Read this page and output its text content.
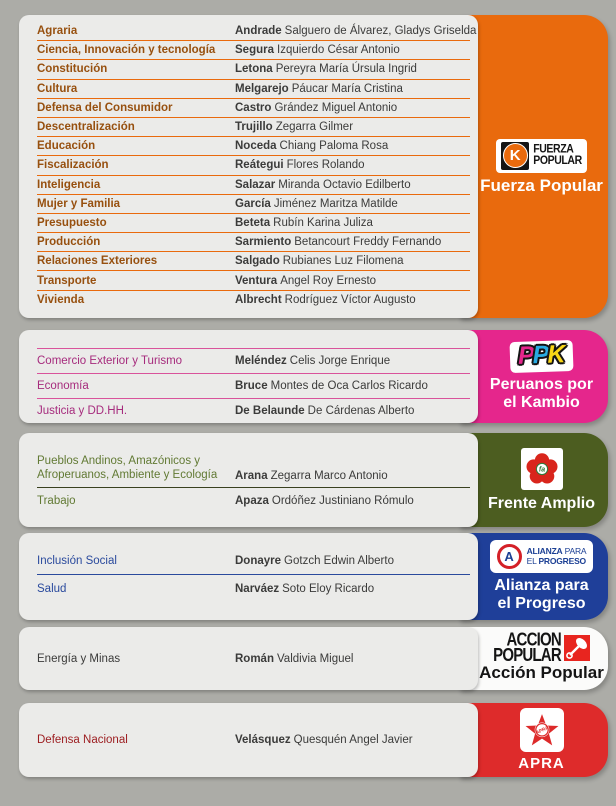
K	FUERZA
POPULAR
Fuerza Popular
Agraria	Andrade Salguero de Álvarez, Gladys Griselda
Ciencia, Innovación y tecnología	Segura Izquierdo César Antonio
Constitución	Letona Pereyra María Úrsula Ingrid
Cultura	Melgarejo Páucar María Cristina
Defensa del Consumidor	Castro Grández Miguel Antonio
Descentralización	Trujillo Zegarra Gilmer
Educación	Noceda Chiang Paloma Rosa
Fiscalización	Reátegui Flores Rolando
Inteligencia	Salazar Miranda Octavio Edilberto
Mujer y Familia	García Jiménez Maritza Matilde
Presupuesto	Beteta Rubín Karina Juliza
Producción	Sarmiento Betancourt Freddy Fernando
Relaciones Exteriores	Salgado Rubianes Luz Filomena
Transporte	Ventura Angel Roy Ernesto
Vivienda	Albrecht Rodríguez Víctor Augusto
P
P
K
Peruanos por
el Kambio
Comercio Exterior y Turismo	Meléndez Celis Jorge Enrique
Economía	Bruce Montes de Oca Carlos Ricardo
Justicia y DD.HH.	De Belaunde De Cárdenas Alberto
fa
Frente Amplio
Pueblos Andinos, Amazónicos y Afroperuanos, Ambiente y Ecología	Arana Zegarra Marco Antonio
Trabajo	Apaza Ordóñez Justiniano Rómulo
A ALIANZA PARA
EL PROGRESO
Alianza para
el Progreso
Inclusión Social	Donayre Gotzch Edwin Alberto
Salud	Narváez Soto Eloy Ricardo
ACCION
POPULAR
Acción Popular
Energía y Minas	Román Valdivia Miguel
APRA
APRA
Defensa Nacional	Velásquez Quesquén Angel Javier
